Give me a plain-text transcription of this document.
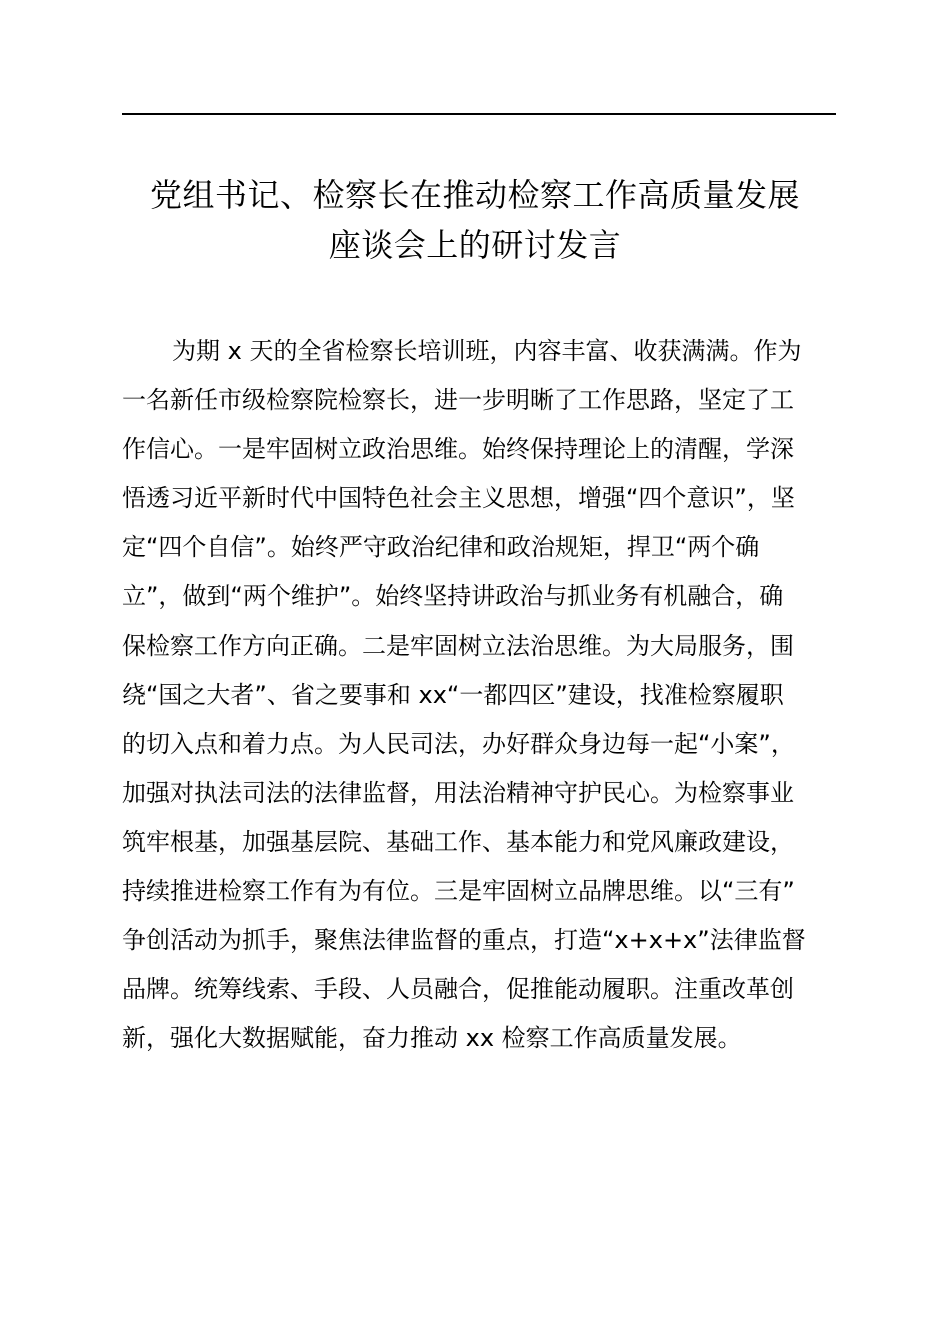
党组书记、检察长在推动检察工作高质量发展
座谈会上的研讨发言
为期 x 天的全省检察长培训班，内容丰富、收获满满。作为
一名新任市级检察院检察长，进一步明晰了工作思路，坚定了工
作信心。一是牢固树立政治思维。始终保持理论上的清醒，学深
悟透习近平新时代中国特色社会主义思想，增强“四个意识”，坚
定“四个自信”。始终严守政治纪律和政治规矩，捍卫“两个确
立”，做到“两个维护”。始终坚持讲政治与抓业务有机融合，确
保检察工作方向正确。二是牢固树立法治思维。为大局服务，围
绕“国之大者”、省之要事和 xx“一都四区”建设，找准检察履职
的切入点和着力点。为人民司法，办好群众身边每一起“小案”，
加强对执法司法的法律监督，用法治精神守护民心。为检察事业
筑牢根基，加强基层院、基础工作、基本能力和党风廉政建设，
持续推进检察工作有为有位。三是牢固树立品牌思维。以“三有”
争创活动为抓手，聚焦法律监督的重点，打造“x+x+x”法律监督
品牌。统筹线索、手段、人员融合，促推能动履职。注重改革创
新，强化大数据赋能，奋力推动 xx 检察工作高质量发展。
